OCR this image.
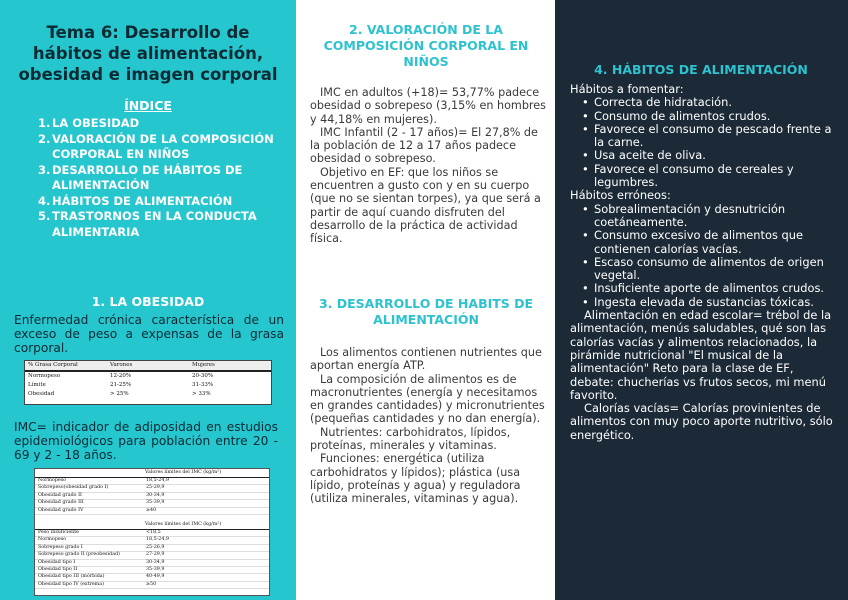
Tema 6: Desarrollo de hábitos de alimentación, obesidad e imagen corporal
ÍNDICE
1. LA OBESIDAD
2. VALORACIÓN DE LA COMPOSICIÓN CORPORAL EN NIÑOS
3. DESARROLLO DE HÁBITOS DE ALIMENTACIÓN
4. HÁBITOS DE ALIMENTACIÓN
5. TRASTORNOS EN LA CONDUCTA ALIMENTARIA
1. LA OBESIDAD

Enfermedad crónica característica de un exceso de peso a expensas de la grasa corporal.

% Grasa Corporal	Varones	Mujeres
Normopeso	12-20%	20-30%
Límite	21-25%	31-33%
Obesidad	> 25%	> 33%

IMC= indicador de adiposidad en estudios epidemiológicos para población entre 20 - 69 y 2 - 18 años.

Valores límites del IMC (kg/m²)
Normopeso	18,5-24,9
Sobrepeso(obesidad grado I)	25-29,9
Obesidad grado II	30-34,9
Obesidad grado III	35-39,9
Obesidad grado IV	≥40
Valores límites del IMC (kg/m²)
Peso insuficiente	<18,5
Normopeso	18,5-24,9
Sobrepeso grado I	25-26,9
Sobrepeso grado II (preobesidad)	27-29,9
Obesidad tipo I	30-34,9
Obesidad tipo II	35-39,9
Obesidad tipo III (mórbida)	40-49,9
Obesidad tipo IV (extrema)	≥50
2. VALORACIÓN DE LA COMPOSICIÓN CORPORAL EN NIÑOS

IMC en adultos (+18)= 53,77% padece obesidad o sobrepeso (3,15% en hombres y 44,18% en mujeres).

IMC Infantil (2 - 17 años)= El 27,8% de la población de 12 a 17 años padece obesidad o sobrepeso.

Objetivo en EF: que los niños se encuentren a gusto con y en su cuerpo (que no se sientan torpes), ya que será a partir de aquí cuando disfruten del desarrollo de la práctica de actividad física.

3. DESARROLLO DE HABITS DE ALIMENTACIÓN

Los alimentos contienen nutrientes que aportan energía ATP.

La composición de alimentos es de macronutrientes (energía y necesitamos en grandes cantidades) y micronutrientes (pequeñas cantidades y no dan energía).

Nutrientes: carbohidratos, lípidos, proteínas, minerales y vitaminas.

Funciones: energética (utiliza carbohidratos y lípidos); plástica (usa lípido, proteínas y agua) y reguladora (utiliza minerales, vitaminas y agua).

4. HÁBITOS DE ALIMENTACIÓN

Hábitos a fomentar:

• Correcta de hidratación.
• Consumo de alimentos crudos.
• Favorece el consumo de pescado frente a la carne.
• Usa aceite de oliva.
• Favorece el consumo de cereales y legumbres.

Hábitos erróneos:

• Sobrealimentación y desnutrición coetáneamente.
• Consumo excesivo de alimentos que contienen calorías vacías.
• Escaso consumo de alimentos de origen vegetal.
• Insuficiente aporte de alimentos crudos.
• Ingesta elevada de sustancias tóxicas.

Alimentación en edad escolar= trébol de la alimentación, menús saludables, qué son las calorías vacías y alimentos relacionados, la pirámide nutricional "El musical de la alimentación" Reto para la clase de EF, debate: chucherías vs frutos secos, mi menú favorito.

Calorías vacías= Calorías provinientes de alimentos con muy poco aporte nutritivo, sólo energético.
